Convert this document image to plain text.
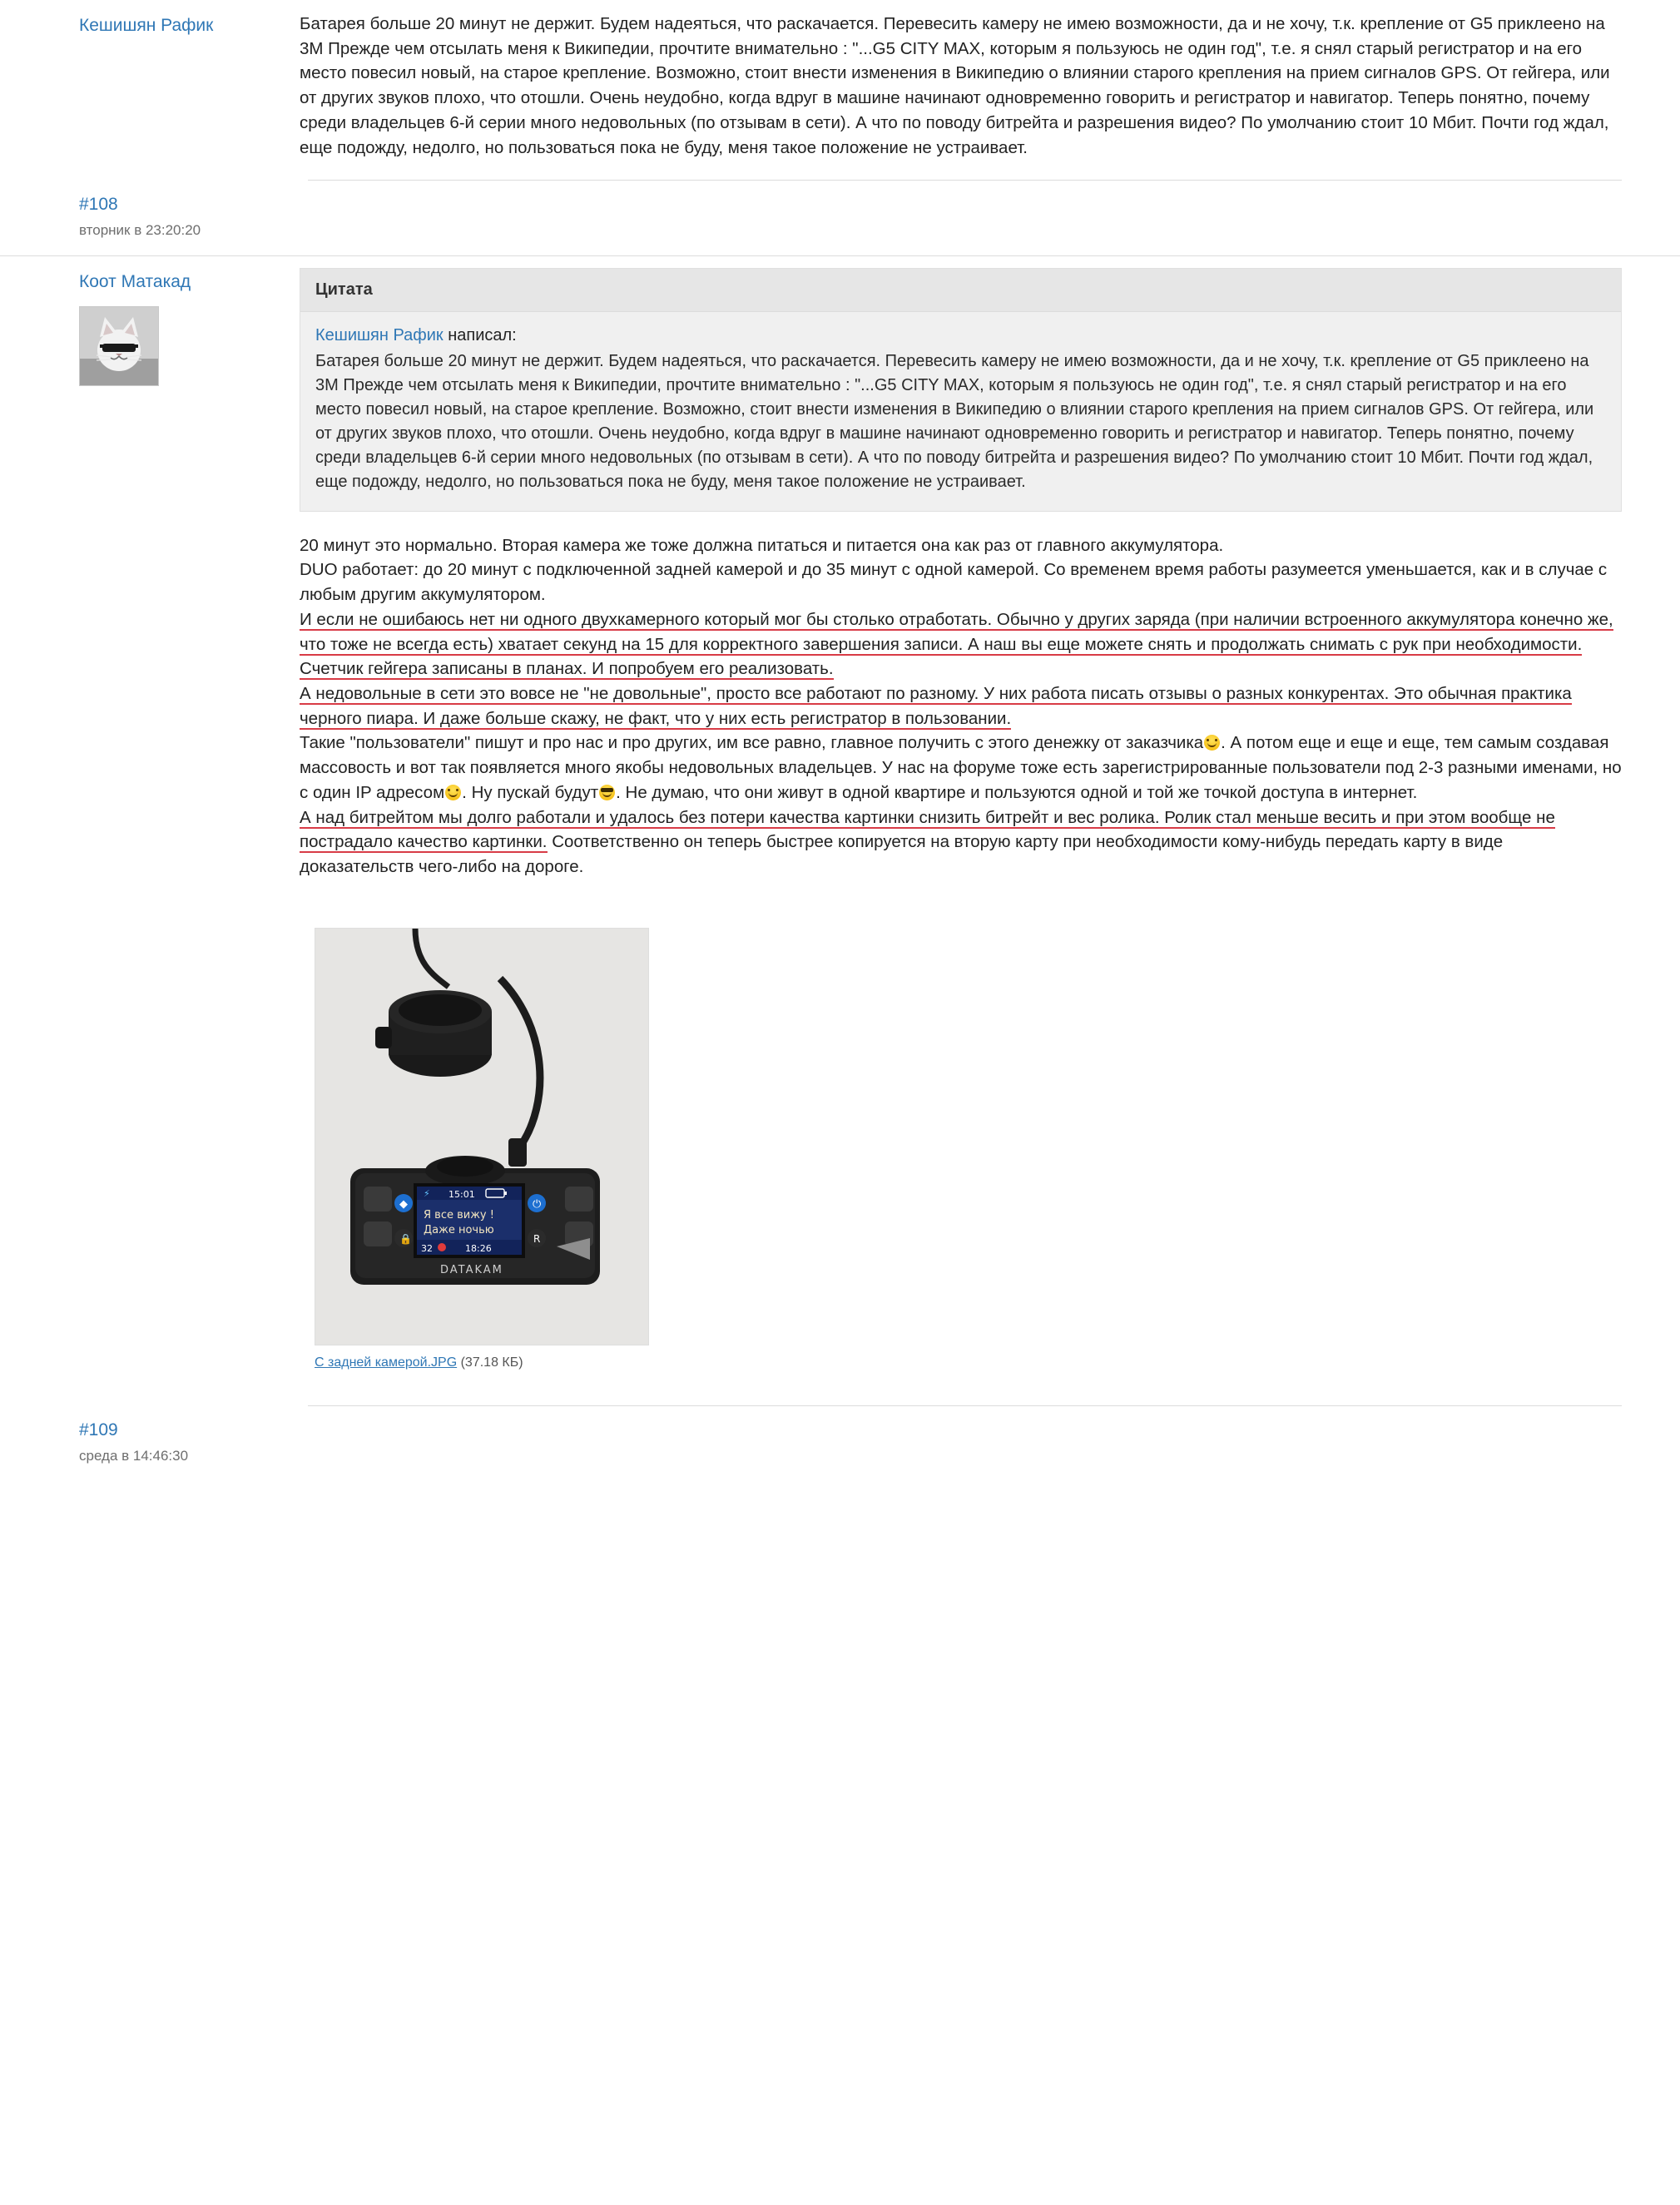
Кешишян Рафик	Батарея больше 20 минут не держит. Будем надеяться, что раскачается. Перевесить камеру не имею возможности, да и не хочу, т.к. крепление от G5 приклеено на 3М Прежде чем отсылать меня к Википедии, прочтите внимательно : "...G5 CITY MAX, которым я пользуюсь не один год", т.е. я снял старый регистратор и на его место повесил новый, на старое крепление. Возможно, стоит внести изменения в Википедию о влиянии старого крепления на прием сигналов GPS. От гейгера, или от других звуков плохо, что отошли. Очень неудобно, когда вдруг в машине начинают одновременно говорить и регистратор и навигатор. Теперь понятно, почему среди владельцев 6-й серии много недовольных (по отзывам в сети). А что по поводу битрейта и разрешения видео? По умолчанию стоит 10 Мбит. Почти год ждал, еще подожду, недолго, но пользоваться пока не буду, меня такое положение не устраивает.
#108
вторник в 23:20:20
Коот Матакад	Цитата
Кешишян Рафик написал:
Батарея больше 20 минут не держит. Будем надеяться, что раскачается. Перевесить камеру не имею возможности, да и не хочу, т.к. крепление от G5 приклеено на 3М Прежде чем отсылать меня к Википедии, прочтите внимательно : "...G5 CITY MAX, которым я пользуюсь не один год", т.е. я снял старый регистратор и на его место повесил новый, на старое крепление. Возможно, стоит внести изменения в Википедию о влиянии старого крепления на прием сигналов GPS. От гейгера, или от других звуков плохо, что отошли. Очень неудобно, когда вдруг в машине начинают одновременно говорить и регистратор и навигатор. Теперь понятно, почему среди владельцев 6-й серии много недовольных (по отзывам в сети). А что по поводу битрейта и разрешения видео? По умолчанию стоит 10 Мбит. Почти год ждал, еще подожду, недолго, но пользоваться пока не буду, меня такое положение не устраивает.

20 минут это нормально. Вторая камера же тоже должна питаться и питается она как раз от главного аккумулятора.

DUO работает: до 20 минут с подключенной задней камерой и до 35 минут с одной камерой. Со временем время работы разумеется уменьшается, как и в случае с любым другим аккумулятором.

И если не ошибаюсь нет ни одного двухкамерного который мог бы столько отработать. Обычно у других заряда (при наличии встроенного аккумулятора конечно же, что тоже не всегда есть) хватает секунд на 15 для корректного завершения записи. А наш вы еще можете снять и продолжать снимать с рук при необходимости.

Счетчик гейгера записаны в планах. И попробуем его реализовать.

А недовольные в сети это вовсе не "не довольные", просто все работают по разному. У них работа писать отзывы о разных конкурентах. Это обычная практика черного пиара. И даже больше скажу, не факт, что у них есть регистратор в пользовании.

Такие "пользователи" пишут и про нас и про других, им все равно, главное получить с этого денежку от заказчика . А потом еще и еще и еще, тем самым создавая массовость и вот так появляется много якобы недовольных владельцев. У нас на форуме тоже есть зарегистрированные пользователи под 2-3 разными именами, но с один IP адресом . Ну пускай будут . Не думаю, что они живут в одной квартире и пользуются одной и той же точкой доступа в интернет.

А над битрейтом мы долго работали и удалось без потери качества картинки снизить битрейт и вес ролика. Ролик стал меньше весить и при этом вообще не пострадало качество картинки. Соответственно он теперь быстрее копируется на вторую карту при необходимости кому-нибудь передать карту в виде доказательств чего-либо на дороге.

15:01
⚡
Я все вижу !
Даже ночью
32	18:26
◆
🔒
⏻
R
DATAKAM
С задней камерой.JPG (37.18 КБ)
#109
среда в 14:46:30
